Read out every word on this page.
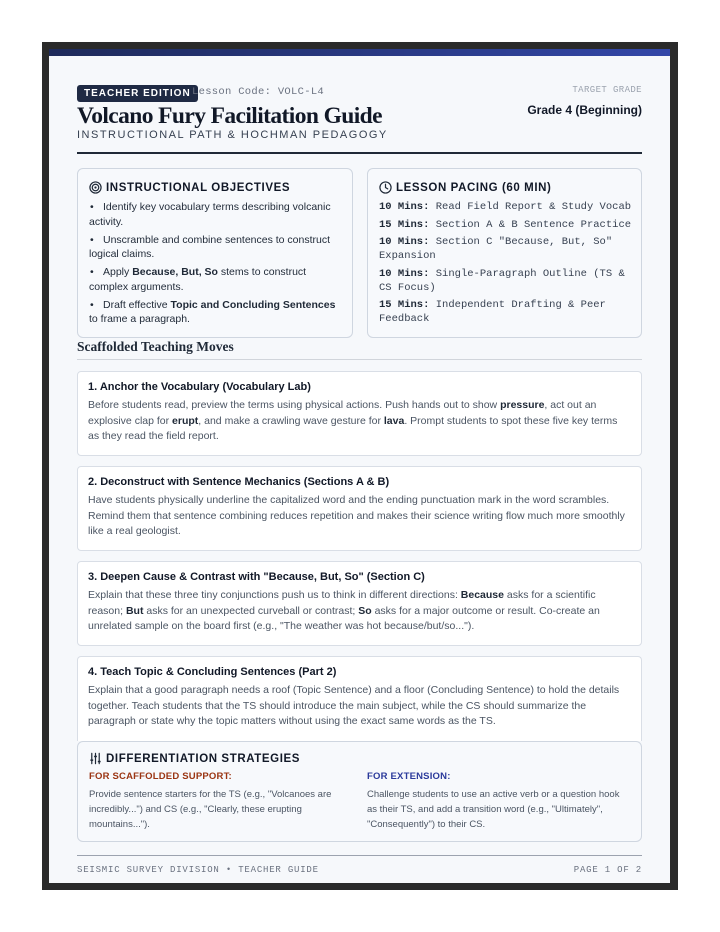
TEACHER EDITION Lesson Code: VOLC-L4
Volcano Fury Facilitation Guide
INSTRUCTIONAL PATH & HOCHMAN PEDAGOGY
TARGET GRADE
Grade 4 (Beginning)
INSTRUCTIONAL OBJECTIVES
• Identify key vocabulary terms describing volcanic activity.
• Unscramble and combine sentences to construct logical claims.
• Apply Because, But, So stems to construct complex arguments.
• Draft effective Topic and Concluding Sentences to frame a paragraph.
LESSON PACING (60 MIN)
10 Mins: Read Field Report & Study Vocab
15 Mins: Section A & B Sentence Practice
10 Mins: Section C "Because, But, So" Expansion
10 Mins: Single-Paragraph Outline (TS & CS Focus)
15 Mins: Independent Drafting & Peer Feedback
Scaffolded Teaching Moves
1. Anchor the Vocabulary (Vocabulary Lab)

Before students read, preview the terms using physical actions. Push hands out to show pressure, act out an explosive clap for erupt, and make a crawling wave gesture for lava. Prompt students to spot these five key terms as they read the field report.

2. Deconstruct with Sentence Mechanics (Sections A & B)

Have students physically underline the capitalized word and the ending punctuation mark in the word scrambles. Remind them that sentence combining reduces repetition and makes their science writing flow much more smoothly like a real geologist.

3. Deepen Cause & Contrast with "Because, But, So" (Section C)

Explain that these three tiny conjunctions push us to think in different directions: Because asks for a scientific reason; But asks for an unexpected curveball or contrast; So asks for a major outcome or result. Co-create an unrelated sample on the board first (e.g., "The weather was hot because/but/so...").

4. Teach Topic & Concluding Sentences (Part 2)

Explain that a good paragraph needs a roof (Topic Sentence) and a floor (Concluding Sentence) to hold the details together. Teach students that the TS should introduce the main subject, while the CS should summarize the paragraph or state why the topic matters without using the exact same words as the TS.

DIFFERENTIATION STRATEGIES
FOR SCAFFOLDED SUPPORT:
Provide sentence starters for the TS (e.g., "Volcanoes are incredibly...") and CS (e.g., "Clearly, these erupting mountains...").
FOR EXTENSION:
Challenge students to use an active verb or a question hook as their TS, and add a transition word (e.g., "Ultimately", "Consequently") to their CS.
SEISMIC SURVEY DIVISION • TEACHER GUIDE	PAGE 1 OF 2
